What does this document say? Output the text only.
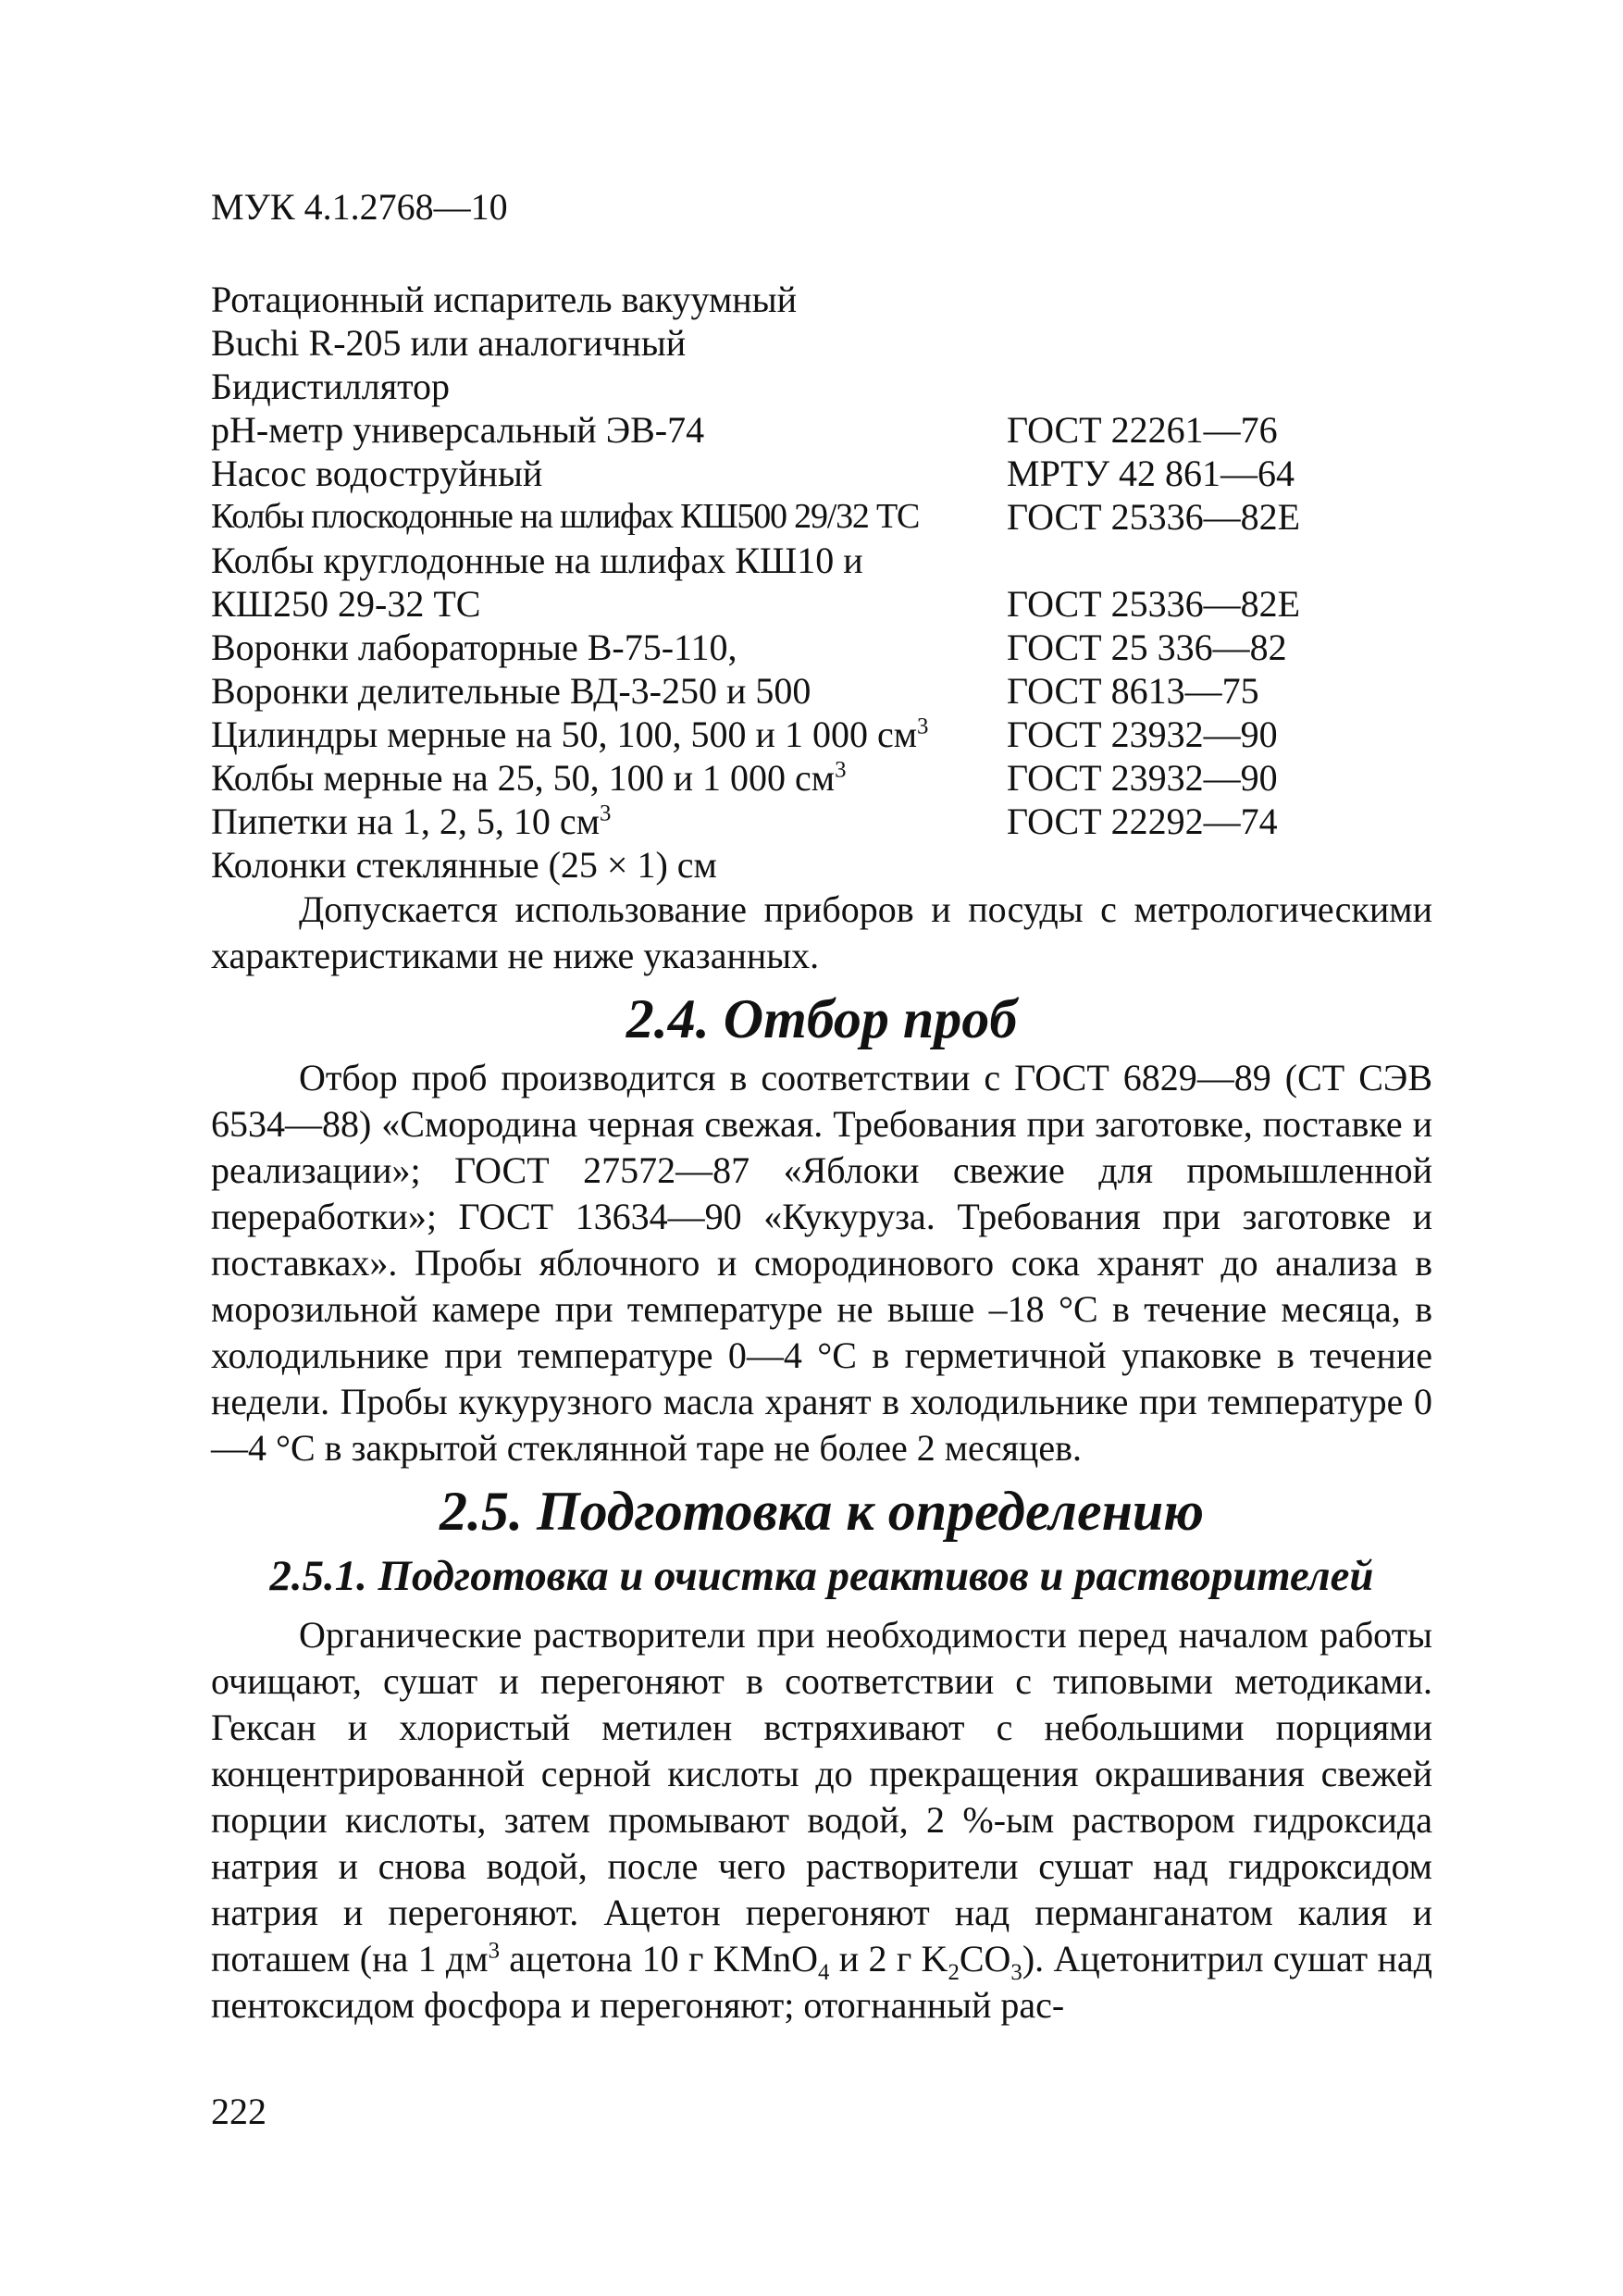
МУК 4.1.2768—10
Ротационный испаритель вакуумный
Buchi R-205 или аналогичный
Бидистиллятор
pH-метр универсальный ЭВ-74	ГОСТ 22261—76
Насос водоструйный	МРТУ 42 861—64
Колбы плоскодонные на шлифах КШ500 29/32 ТС	ГОСТ 25336—82Е
Колбы круглодонные на шлифах КШ10 и
КШ250 29-32 ТС	ГОСТ 25336—82Е
Воронки лабораторные В-75-110,	ГОСТ 25 336—82
Воронки делительные ВД-3-250 и 500	ГОСТ 8613—75
Цилиндры мерные на 50, 100, 500 и 1 000 $см^3$	ГОСТ 23932—90
Колбы мерные на 25, 50, 100 и 1 000 $см^3$	ГОСТ 23932—90
Пипетки на 1, 2, 5, 10 $см^3$	ГОСТ 22292—74
Колонки стеклянные (25 × 1) см

Допускается использование приборов и посуды с метрологическими характеристиками не ниже указанных.

2.4. Отбор проб

Отбор проб производится в соответствии с ГОСТ 6829—89 (СТ СЭВ 6534—88) «Смородина черная свежая. Требования при заготовке, поставке и реализации»; ГОСТ 27572—87 «Яблоки свежие для промышленной переработки»; ГОСТ 13634—90 «Кукуруза. Требования при заготовке и поставках». Пробы яблочного и смородинового сока хранят до анализа в морозильной камере при температуре не выше –18 °С в течение месяца, в холодильнике при температуре 0—4 °С в герметичной упаковке в течение недели. Пробы кукурузного масла хранят в холодильнике при температуре 0—4 °С в закрытой стеклянной таре не более 2 месяцев.

2.5. Подготовка к определению
2.5.1. Подготовка и очистка реактивов и растворителей

Органические растворители при необходимости перед началом работы очищают, сушат и перегоняют в соответствии с типовыми методиками. Гексан и хлористый метилен встряхивают с небольшими порциями концентрированной серной кислоты до прекращения окрашивания свежей порции кислоты, затем промывают водой, 2 %-ым раствором гидроксида натрия и снова водой, после чего растворители сушат над гидроксидом натрия и перегоняют. Ацетон перегоняют над перманганaтом калия и поташем (на 1 $дм^3$ ацетона 10 г KMnO$_4$ и 2 г $K_2CO_3$). Ацетонитрил сушат над пентоксидом фосфора и перегоняют; отогнанный рас-

222
